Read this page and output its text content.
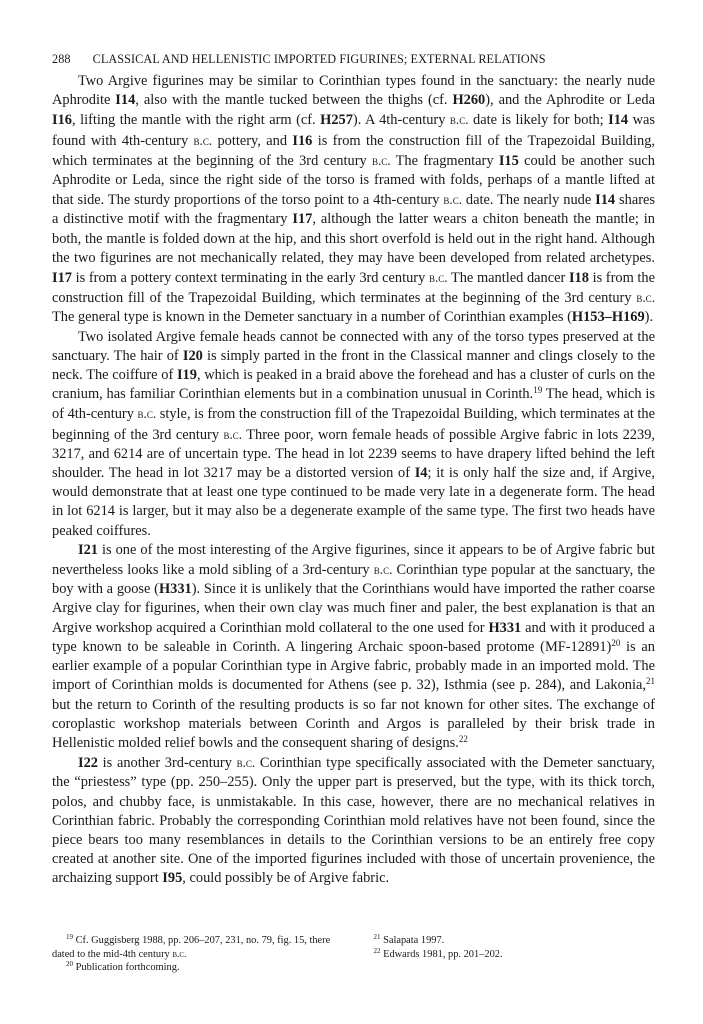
288 CLASSICAL AND HELLENISTIC IMPORTED FIGURINES; EXTERNAL RELATIONS

Two Argive figurines may be similar to Corinthian types found in the sanctuary: the nearly nude Aphrodite I14, also with the mantle tucked between the thighs (cf. H260), and the Aphrodite or Leda I16, lifting the mantle with the right arm (cf. H257). A 4th-century b.c. date is likely for both; I14 was found with 4th-century b.c. pottery, and I16 is from the construction fill of the Trapezoidal Building, which terminates at the beginning of the 3rd century b.c. The fragmentary I15 could be another such Aphrodite or Leda, since the right side of the torso is framed with folds, perhaps of a mantle lifted at that side. The sturdy proportions of the torso point to a 4th-century b.c. date. The nearly nude I14 shares a distinctive motif with the fragmentary I17, although the latter wears a chiton beneath the mantle; in both, the mantle is folded down at the hip, and this short overfold is held out in the right hand. Although the two figurines are not mechanically related, they may have been developed from related archetypes. I17 is from a pottery context terminating in the early 3rd century b.c. The mantled dancer I18 is from the construction fill of the Trapezoidal Building, which terminates at the beginning of the 3rd century b.c. The general type is known in the Demeter sanctuary in a number of Corinthian examples (H153–H169).

Two isolated Argive female heads cannot be connected with any of the torso types preserved at the sanctuary. The hair of I20 is simply parted in the front in the Classical manner and clings closely to the neck. The coiffure of I19, which is peaked in a braid above the forehead and has a cluster of curls on the cranium, has familiar Corinthian elements but in a combination unusual in Corinth.$^{19}$ The head, which is of 4th-century b.c. style, is from the construction fill of the Trapezoidal Building, which terminates at the beginning of the 3rd century b.c. Three poor, worn female heads of possible Argive fabric in lots 2239, 3217, and 6214 are of uncertain type. The head in lot 2239 seems to have drapery lifted behind the left shoulder. The head in lot 3217 may be a distorted version of I4; it is only half the size and, if Argive, would demonstrate that at least one type continued to be made very late in a degenerate form. The head in lot 6214 is larger, but it may also be a degenerate example of the same type. The first two heads have peaked coiffures.

I21 is one of the most interesting of the Argive figurines, since it appears to be of Argive fabric but nevertheless looks like a mold sibling of a 3rd-century b.c. Corinthian type popular at the sanctuary, the boy with a goose (H331). Since it is unlikely that the Corinthians would have imported the rather coarse Argive clay for figurines, when their own clay was much finer and paler, the best explanation is that an Argive workshop acquired a Corinthian mold collateral to the one used for H331 and with it produced a type known to be saleable in Corinth. A lingering Archaic spoon-based protome $(MF-12891)^{20}$ is an earlier example of a popular Corinthian type in Argive fabric, probably made in an imported mold. The import of Corinthian molds is documented for Athens (see p. 32), Isthmia (see p. 284), and Lakonia,$^{21}$ but the return to Corinth of the resulting products is so far not known for other sites. The exchange of coroplastic workshop materials between Corinth and Argos is paralleled by their brisk trade in Hellenistic molded relief bowls and the consequent sharing of designs.$^{22}$

I22 is another 3rd-century b.c. Corinthian type specifically associated with the Demeter sanctuary, the “priestess” type (pp. 250–255). Only the upper part is preserved, but the type, with its thick torch, polos, and chubby face, is unmistakable. In this case, however, there are no mechanical relatives in Corinthian fabric. Probably the corresponding Corinthian mold relatives have not been found, since the piece bears too many resemblances in details to the Corinthian versions to be an entirely free copy created at another site. One of the imported figurines included with those of uncertain provenience, the archaizing support I95, could possibly be of Argive fabric.

$^{19}$ Cf. Guggisberg 1988, pp. 206–207, 231, no. 79, fig. 15, there dated to the mid-4th century b.c.

$^{20}$ Publication forthcoming.

$^{21}$ Salapata 1997.

$^{22}$ Edwards 1981, pp. 201–202.
